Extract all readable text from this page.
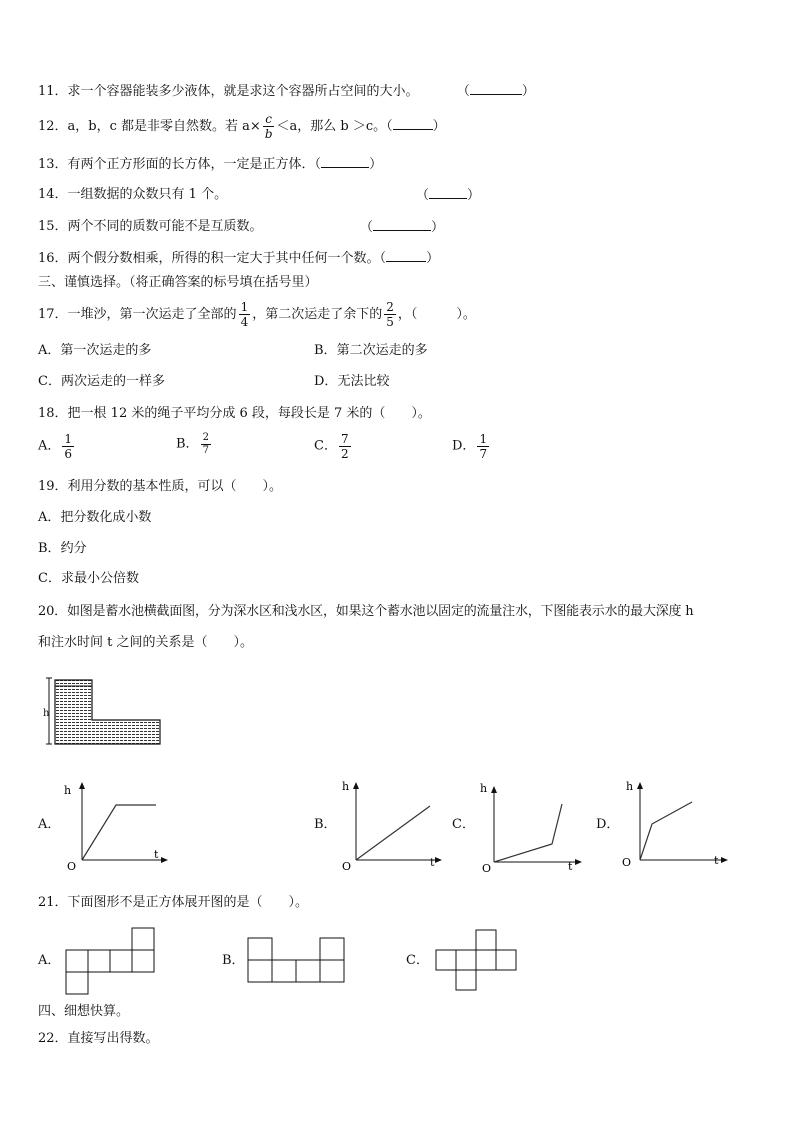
11．求一个容器能装多少液体，就是求这个容器所占空间的大小。	（	）
12．a，b，c 都是非零自然数。若 $a\times \frac{c}{b} <a$，那么 b ＞c。（	）
13．有两个正方形面的长方体，一定是正方体．（	）
14．一组数据的众数只有 1 个。	（	）
15．两个不同的质数可能不是互质数。	（	）
16．两个假分数相乘，所得的积一定大于其中任何一个数。（	）
三、谨慎选择。（将正确答案的标号填在括号里）
17．一堆沙，第一次运走了全部的 $\frac{1}{4}$ ，第二次运走了余下的 $\frac{2}{5}$ ，（　　　）。
A．第一次运走的多	B．第二次运走的多
C．两次运走的一样多	D．无法比较
18．把一根 12 米的绳子平均分成 6 段，每段长是 7 米的（　　）。
A． $\frac{1}{6}$	B． $\frac{2}{7}$	C． $\frac{7}{2}$	D． $\frac{1}{7}$
19．利用分数的基本性质，可以（　　）。
A．把分数化成小数
B．约分
C．求最小公倍数
20．如图是蓄水池横截面图，分为深水区和浅水区，如果这个蓄水池以固定的流量注水，下图能表示水的最大深度 h
和注水时间 t 之间的关系是（　　）。
h
A．	B．	C．	D．
h
t
O
h
t
O
h
t
O
h
t
O
21．下面图形不是正方体展开图的是（　　）。
A．	B．	C．
四、细想快算。
22．直接写出得数。
